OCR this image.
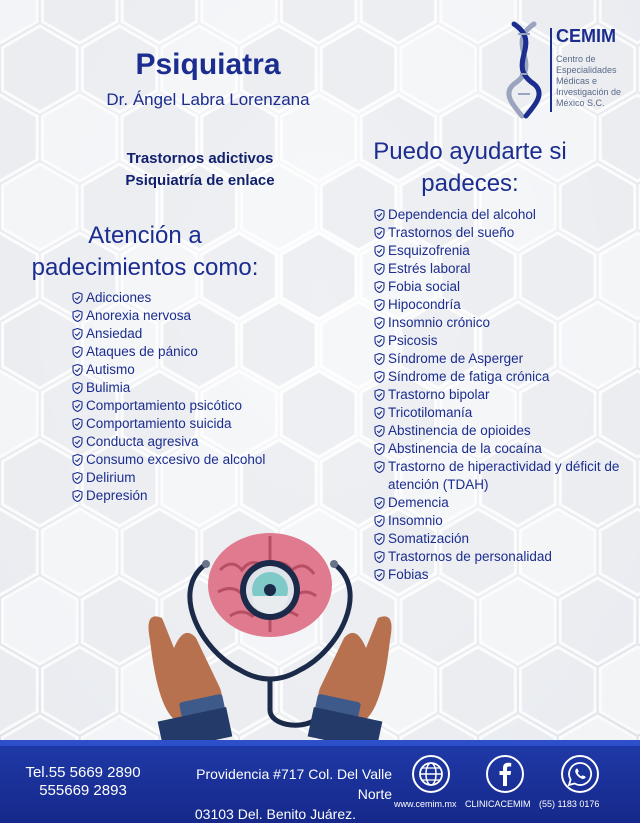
CEMIM
Centro de Especialidades Médicas e Investigación de México S.C.
Psiquiatra
Dr. Ángel Labra Lorenzana
Trastornos adictivos
Psiquiatría de enlace
Atención a
padecimientos como:
Adicciones
Anorexia nervosa
Ansiedad
Ataques de pánico
Autismo
Bulimia
Comportamiento psicótico
Comportamiento suicida
Conducta agresiva
Consumo excesivo de alcohol
Delirium
Depresión
Puedo ayudarte si
padeces:
Dependencia del alcohol
Trastornos del sueño
Esquizofrenia
Estrés laboral
Fobia social
Hipocondría
Insomnio crónico
Psicosis
Síndrome de Asperger
Síndrome de fatiga crónica
Trastorno bipolar
Tricotilomanía
Abstinencia de opioides
Abstinencia de la cocaína
Trastorno de hiperactividad y déficit de atención (TDAH)
Demencia
Insomnio
Somatización
Trastornos de personalidad
Fobias
Tel.55 5669 2890
555669 2893
Providencia #717 Col. Del Valle Norte
03103 Del. Benito Juárez.
www.cemim.mx CLINICACEMIM (55) 1183 0176
